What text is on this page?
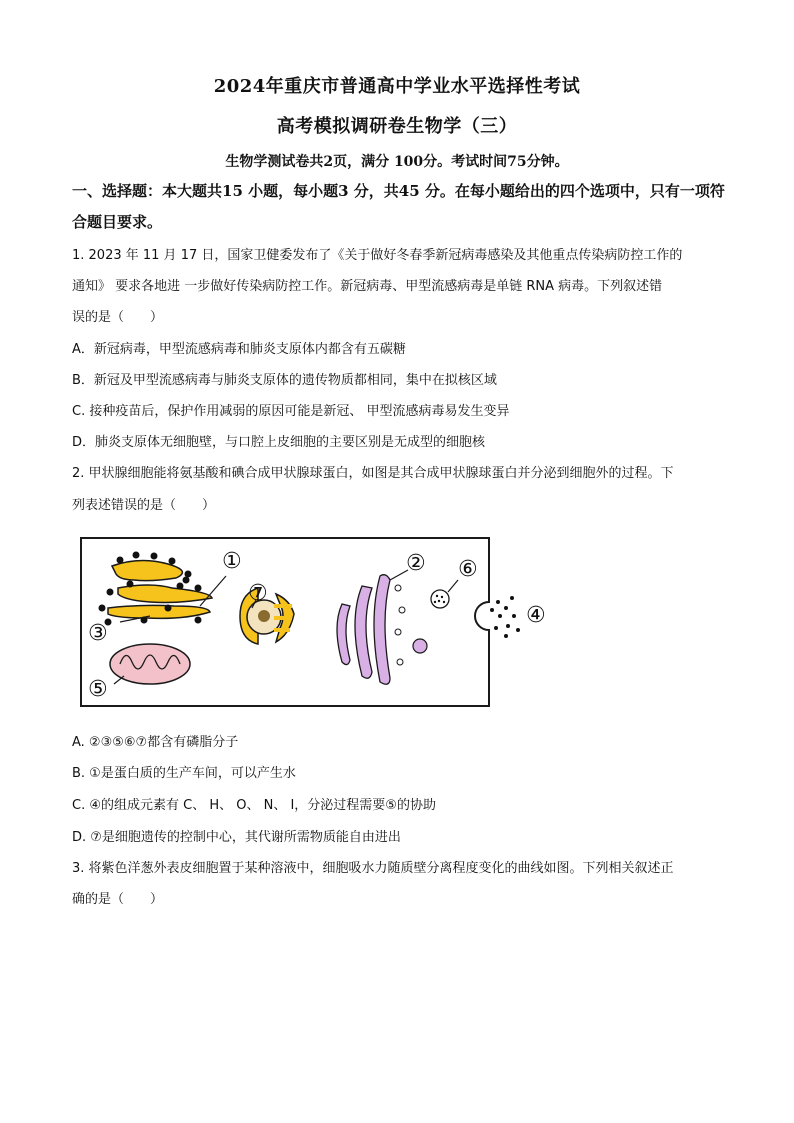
2024年重庆市普通高中学业水平选择性考试
高考模拟调研卷生物学（三）
生物学测试卷共2页，满分 100分。考试时间75分钟。
一、选择题：本大题共15 小题，每小题3 分，共45 分。在每小题给出的四个选项中，只有一项符合题目要求。
1. 2023 年 11 月 17 日，国家卫健委发布了《关于做好冬春季新冠病毒感染及其他重点传染病防控工作的
通知》 要求各地进 一步做好传染病防控工作。新冠病毒、甲型流感病毒是单链 RNA 病毒。下列叙述错
误的是（　　）
A．新冠病毒，甲型流感病毒和肺炎支原体内都含有五碳糖
B．新冠及甲型流感病毒与肺炎支原体的遗传物质都相同，集中在拟核区域
C. 接种疫苗后，保护作用减弱的原因可能是新冠、 甲型流感病毒易发生变异
D．肺炎支原体无细胞壁，与口腔上皮细胞的主要区别是无成型的细胞核
2. 甲状腺细胞能将氨基酸和碘合成甲状腺球蛋白，如图是其合成甲状腺球蛋白并分泌到细胞外的过程。下
列表述错误的是（　　）
①	②
③
④
⑤
⑥
⑦
A. ②③⑤⑥⑦都含有磷脂分子
B. ①是蛋白质的生产车间，可以产生水
C. ④的组成元素有 C、 H、 O、 N、 I，分泌过程需要⑤的协助
D. ⑦是细胞遗传的控制中心，其代谢所需物质能自由进出
3. 将紫色洋葱外表皮细胞置于某种溶液中，细胞吸水力随质壁分离程度变化的曲线如图。下列相关叙述正
确的是（　　）
